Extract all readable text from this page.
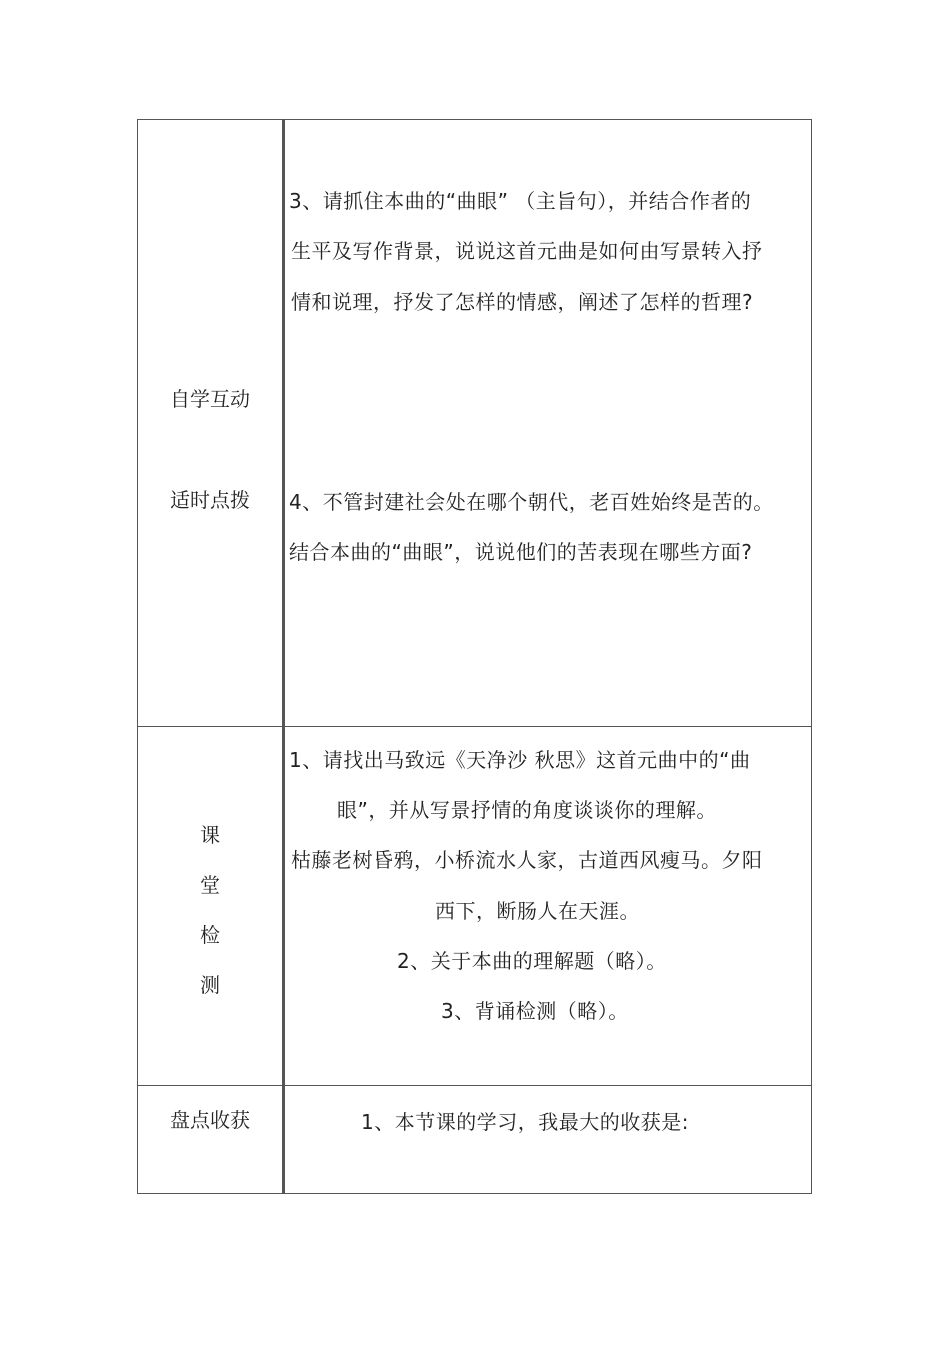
自学互动
适时点拨
3、请抓住本曲的“曲眼” （主旨句），并结合作者的
生平及写作背景，说说这首元曲是如何由写景转入抒
情和说理，抒发了怎样的情感，阐述了怎样的哲理?
4、不管封建社会处在哪个朝代，老百姓始终是苦的。
结合本曲的“曲眼”，说说他们的苦表现在哪些方面?
课
堂
检
测
1、请找出马致远《天净沙 秋思》这首元曲中的“曲
眼”，并从写景抒情的角度谈谈你的理解。
枯藤老树昏鸦，小桥流水人家，古道西风瘦马。夕阳
西下，断肠人在天涯。
2、关于本曲的理解题（略）。
3、背诵检测（略）。
盘点收获	1、本节课的学习，我最大的收获是:
